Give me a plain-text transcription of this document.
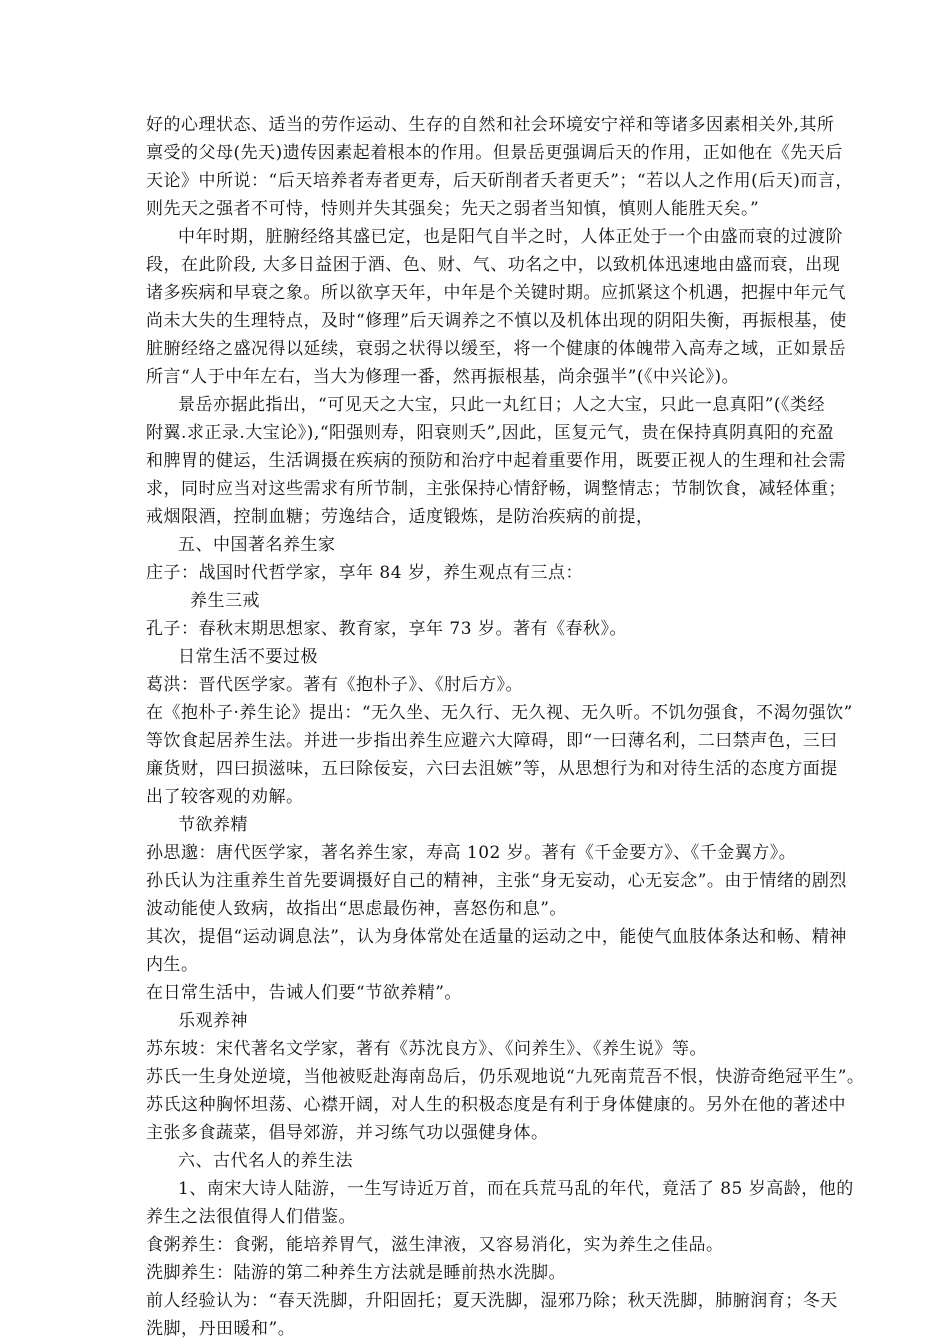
好的心理状态、适当的劳作运动、生存的自然和社会环境安宁祥和等诸多因素相关外,其所
禀受的父母(先天)遗传因素起着根本的作用。但景岳更强调后天的作用，正如他在《先天后
天论》中所说：“后天培养者寿者更寿，后天斫削者夭者更夭”；“若以人之作用(后天)而言，
则先天之强者不可恃，恃则并失其强矣；先天之弱者当知慎，慎则人能胜天矣。”
中年时期，脏腑经络其盛已定，也是阳气自半之时，人体正处于一个由盛而衰的过渡阶
段，在此阶段, 大多日益困于酒、色、财、气、功名之中，以致机体迅速地由盛而衰，出现
诸多疾病和早衰之象。所以欲享天年，中年是个关键时期。应抓紧这个机遇，把握中年元气
尚未大失的生理特点，及时“修理”后天调养之不慎以及机体出现的阴阳失衡，再振根基，使
脏腑经络之盛况得以延续，衰弱之状得以缓至，将一个健康的体魄带入高寿之域，正如景岳
所言“人于中年左右，当大为修理一番，然再振根基，尚余强半”(《中兴论》)。
景岳亦据此指出，“可见天之大宝，只此一丸红日；人之大宝，只此一息真阳”(《类经
附翼.求正录.大宝论》),“阳强则寿，阳衰则夭”,因此，匡复元气，贵在保持真阴真阳的充盈
和脾胃的健运，生活调摄在疾病的预防和治疗中起着重要作用，既要正视人的生理和社会需
求，同时应当对这些需求有所节制，主张保持心情舒畅，调整情志；节制饮食，减轻体重；
戒烟限酒，控制血糖；劳逸结合，适度锻炼，是防治疾病的前提，
五、中国著名养生家
庄子：战国时代哲学家，享年 84 岁，养生观点有三点：
养生三戒
孔子：春秋末期思想家、教育家，享年 73 岁。著有《春秋》。
日常生活不要过极
葛洪：晋代医学家。著有《抱朴子》、《肘后方》。
在《抱朴子·养生论》提出：“无久坐、无久行、无久视、无久听。不饥勿强食，不渴勿强饮”
等饮食起居养生法。并进一步指出养生应避六大障碍，即“一曰薄名利，二曰禁声色，三曰
廉货财，四曰损滋味，五曰除佞妄，六曰去沮嫉”等，从思想行为和对待生活的态度方面提
出了较客观的劝解。
节欲养精
孙思邈：唐代医学家，著名养生家，寿高 102 岁。著有《千金要方》、《千金翼方》。
孙氏认为注重养生首先要调摄好自己的精神，主张“身无妄动，心无妄念”。由于情绪的剧烈
波动能使人致病，故指出“思虑最伤神，喜怒伤和息”。
其次，提倡“运动调息法”，认为身体常处在适量的运动之中，能使气血肢体条达和畅、精神
内生。
在日常生活中，告诫人们要“节欲养精”。
乐观养神
苏东坡：宋代著名文学家，著有《苏沈良方》、《问养生》、《养生说》等。
苏氏一生身处逆境，当他被贬赴海南岛后，仍乐观地说“九死南荒吾不恨，快游奇绝冠平生”。
苏氏这种胸怀坦荡、心襟开阔，对人生的积极态度是有利于身体健康的。另外在他的著述中
主张多食蔬菜，倡导郊游，并习练气功以强健身体。
六、古代名人的养生法
1、南宋大诗人陆游，一生写诗近万首，而在兵荒马乱的年代，竟活了 85 岁高龄，他的
养生之法很值得人们借鉴。
食粥养生：食粥，能培养胃气，滋生津液，又容易消化，实为养生之佳品。
洗脚养生：陆游的第二种养生方法就是睡前热水洗脚。
前人经验认为：“春天洗脚，升阳固托；夏天洗脚，湿邪乃除；秋天洗脚，肺腑润育；冬天
洗脚，丹田暖和”。
